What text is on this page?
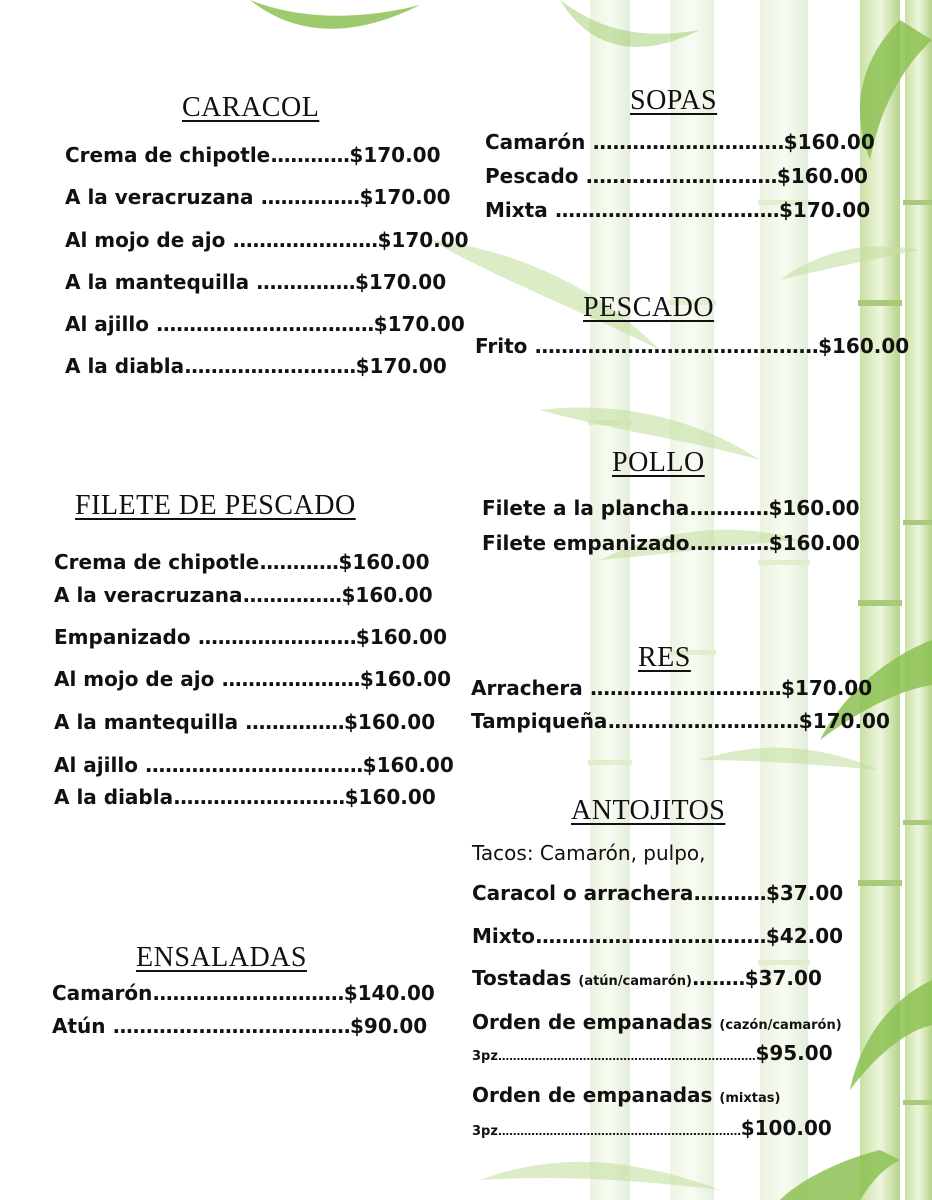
CARACOL
Crema de chipotle............$170.00
A la veracruzana ...............$170.00
Al mojo de ajo ......................$170.00
A la mantequilla ...............$170.00
Al ajillo .................................$170.00
A la diabla..........................$170.00
FILETE DE PESCADO
Crema de chipotle............$160.00
A la veracruzana...............$160.00
Empanizado ........................$160.00
Al mojo de ajo .....................$160.00
A la mantequilla ...............$160.00
Al ajillo .................................$160.00
A la diabla..........................$160.00
ENSALADAS
Camarón.............................$140.00
Atún ....................................$90.00
SOPAS
Camarón .............................$160.00
Pescado .............................$160.00
Mixta ..................................$170.00
PESCADO
Frito ...........................................$160.00
POLLO
Filete a la plancha............$160.00
Filete empanizado............$160.00
RES
Arrachera .............................$170.00
Tampiqueña.............................$170.00
ANTOJITOS
Tacos: Camarón, pulpo,
Caracol o arrachera...........$37.00
Mixto...................................$42.00
Tostadas (atún/camarón)........$37.00
Orden de empanadas (cazón/camarón)
3pz......................................................................$95.00
Orden de empanadas (mixtas)
3pz..................................................................$100.00
